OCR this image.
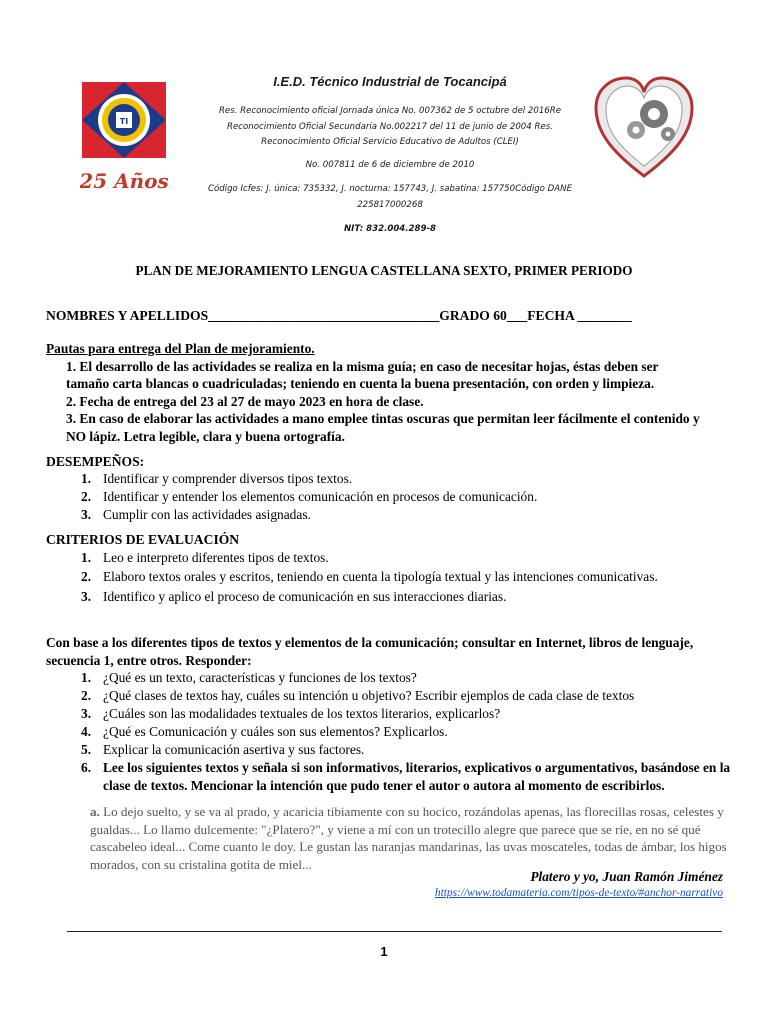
TI
25 Años
I.E.D. Técnico Industrial de Tocancipá
Res. Reconocimiento oficial Jornada única No. 007362 de 5 octubre del 2016Re
Reconocimiento Oficial Secundaria No.002217 del 11 de junio de 2004 Res.
Reconocimiento Oficial Servicio Educativo de Adultos (CLEI)
No. 007811 de 6 de diciembre de 2010
Código Icfes: J. única: 735332, J. nocturna: 157743, J. sabatina: 157750Código DANE
225817000268
NIT: 832.004.289-8
PLAN DE MEJORAMIENTO LENGUA CASTELLANA SEXTO, PRIMER PERIODO
NOMBRES Y APELLIDOS__________________________________GRADO 60___FECHA ________
Pautas para entrega del Plan de mejoramiento.
1. El desarrollo de las actividades se realiza en la misma guía; en caso de necesitar hojas, éstas deben ser
tamaño carta blancas o cuadriculadas; teniendo en cuenta la buena presentación, con orden y limpieza.
2. Fecha de entrega del 23 al 27 de mayo 2023 en hora de clase.
3. En caso de elaborar las actividades a mano emplee tintas oscuras que permitan leer fácilmente el contenido y
NO lápiz. Letra legible, clara y buena ortografía.
DESEMPEÑOS:
1. Identificar y comprender diversos tipos textos.
2. Identificar y entender los elementos comunicación en procesos de comunicación.
3. Cumplir con las actividades asignadas.
CRITERIOS DE EVALUACIÓN
1. Leo e interpreto diferentes tipos de textos.
2. Elaboro textos orales y escritos, teniendo en cuenta la tipología textual y las intenciones comunicativas.
3. Identifico y aplico el proceso de comunicación en sus interacciones diarias.
Con base a los diferentes tipos de textos y elementos de la comunicación; consultar en Internet, libros de lenguaje, secuencia 1, entre otros. Responder:
1. ¿Qué es un texto, características y funciones de los textos?
2. ¿Qué clases de textos hay, cuáles su intención u objetivo? Escribir ejemplos de cada clase de textos
3. ¿Cuáles son las modalidades textuales de los textos literarios, explicarlos?
4. ¿Qué es Comunicación y cuáles son sus elementos? Explicarlos.
5. Explicar la comunicación asertiva y sus factores.
6. Lee los siguientes textos y señala si son informativos, literarios, explicativos o argumentativos, basándose en la clase de textos. Mencionar la intención que pudo tener el autor o autora al momento de escribirlos.
a. Lo dejo suelto, y se va al prado, y acaricia tibiamente con su hocico, rozándolas apenas, las florecillas rosas, celestes y gualdas... Lo llamo dulcemente: "¿Platero?", y viene a mí con un trotecillo alegre que parece que se ríe, en no sé qué cascabeleo ideal... Come cuanto le doy. Le gustan las naranjas mandarinas, las uvas moscateles, todas de ámbar, los higos morados, con su cristalina gotita de miel...
Platero y yo, Juan Ramón Jiménez
https://www.todamateria.com/tipos-de-texto/#anchor-narrativo
1
